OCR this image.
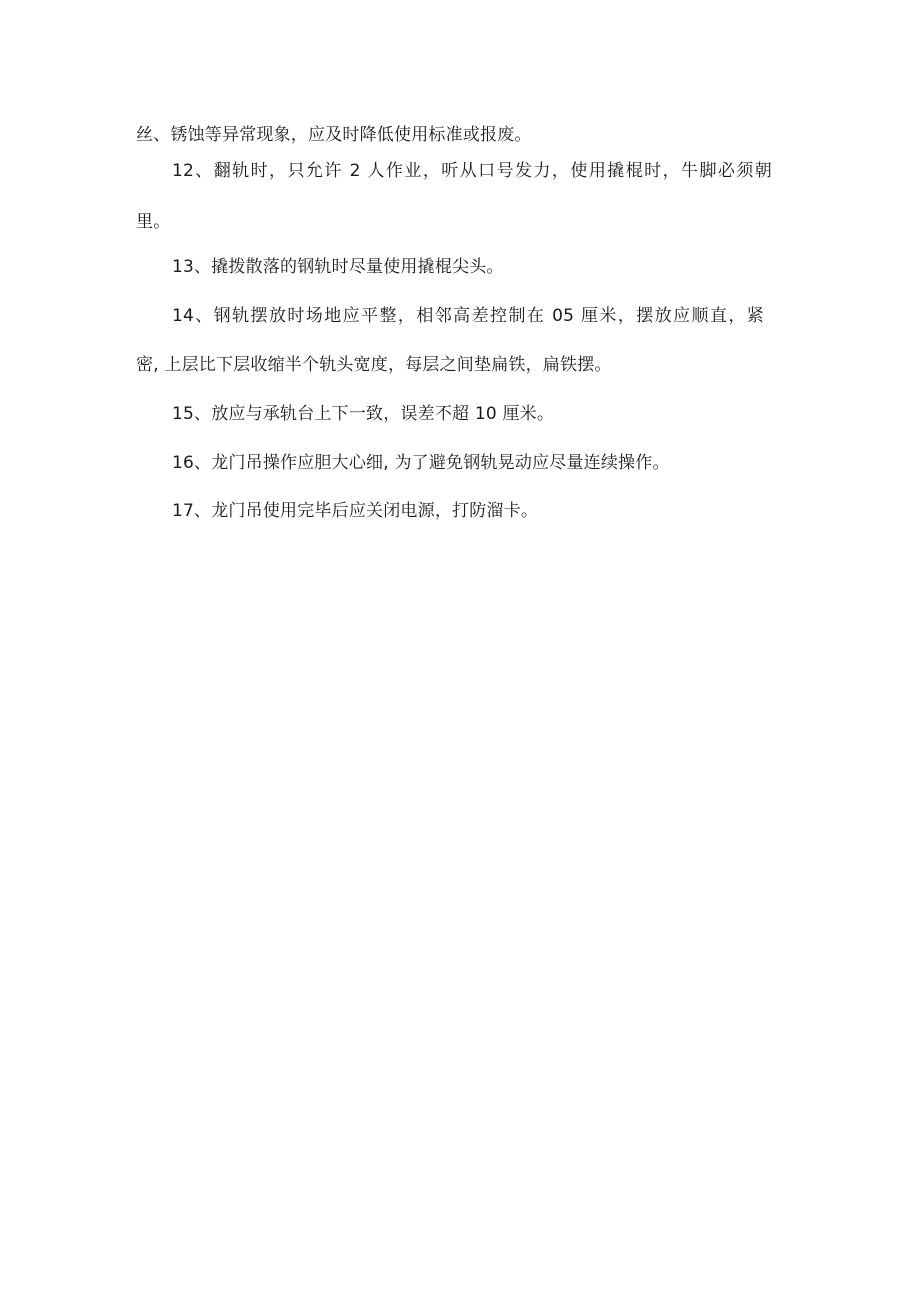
丝、锈蚀等异常现象，应及时降低使用标准或报废。
12、翻轨时，只允许 2 人作业，听从口号发力，使用撬棍时，牛脚必须朝
里。
13、撬拨散落的钢轨时尽量使用撬棍尖头。
14、钢轨摆放时场地应平整，相邻高差控制在 05 厘米，摆放应顺直，紧
密, 上层比下层收缩半个轨头宽度，每层之间垫扁铁，扁铁摆。
15、放应与承轨台上下一致，误差不超 10 厘米。
16、龙门吊操作应胆大心细, 为了避免钢轨晃动应尽量连续操作。
17、龙门吊使用完毕后应关闭电源，打防溜卡。
